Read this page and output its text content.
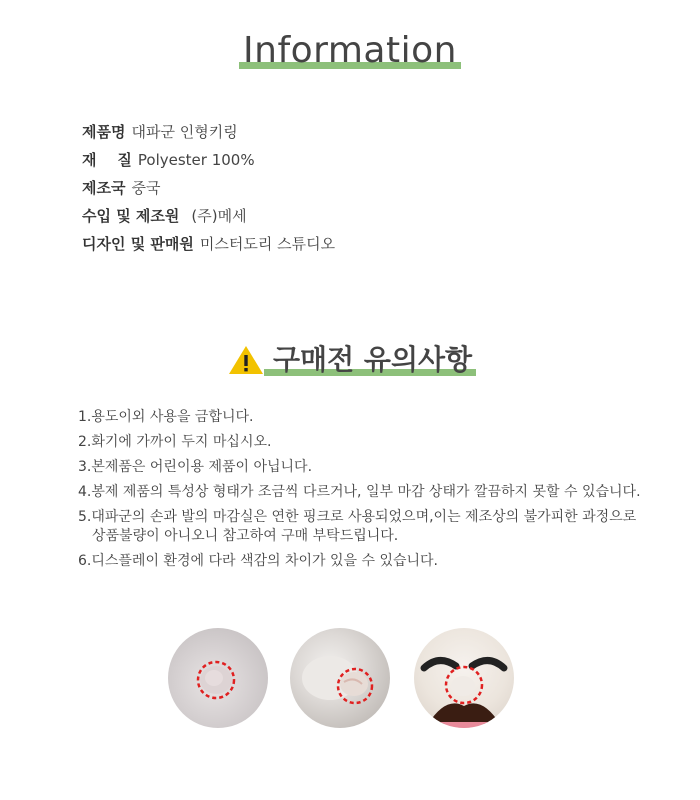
Information
제품명 대파군 인형키링
재    질 Polyester 100%
제조국 중국
수입 및 제조원 (주)메세
디자인 및 판매원 미스터도리 스튜디오
구매전 유의사항
1.용도이외 사용을 금합니다.
2.화기에 가까이 두지 마십시오.
3.본제품은 어린이용 제품이 아닙니다.
4.봉제 제품의 특성상 형태가 조금씩 다르거나, 일부 마감 상태가 깔끔하지 못할 수 있습니다.
5.대파군의 손과 발의 마감실은 연한 핑크로 사용되었으며,이는 제조상의 불가피한 과정으로 상품불량이 아니오니 참고하여 구매 부탁드립니다.
6.디스플레이 환경에 다라 색감의 차이가 있을 수 있습니다.
